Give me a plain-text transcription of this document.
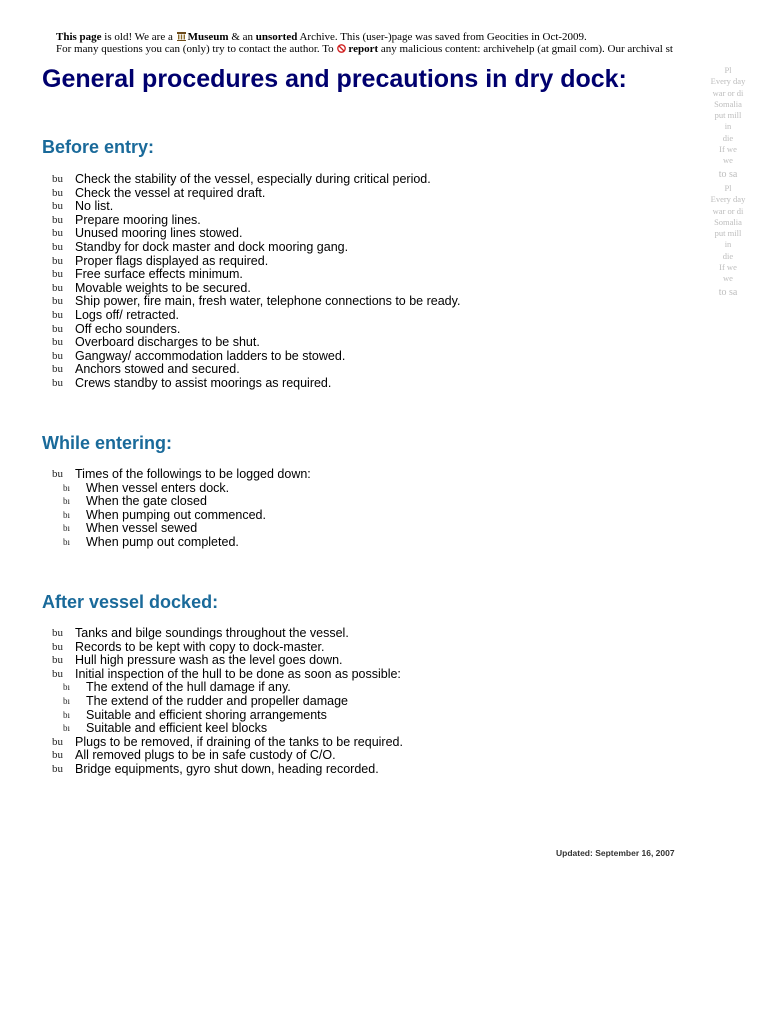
This page is old! We are a Museum & an unsorted Archive. This (user-)page was saved from Geocities in Oct-2009.
For many questions you can (only) try to contact the author. To report any malicious content: archivehelp (at gmail com). Our archival st
General procedures and precautions in dry dock:	Pl
Every day
war or di
Somalia
put mill
in
die
If we
we
to sa
Pl
Every day
war or di
Somalia
put mill
in
die
If we
we
to sa
Before entry:
bu Check the stability of the vessel, especially during critical period.
bu Check the vessel at required draft.
bu No list.
bu Prepare mooring lines.
bu Unused mooring lines stowed.
bu Standby for dock master and dock mooring gang.
bu Proper flags displayed as required.
bu Free surface effects minimum.
bu Movable weights to be secured.
bu Ship power, fire main, fresh water, telephone connections to be ready.
bu Logs off/ retracted.
bu Off echo sounders.
bu Overboard discharges to be shut.
bu Gangway/ accommodation ladders to be stowed.
bu Anchors stowed and secured.
bu Crews standby to assist moorings as required.
While entering:
bu Times of the followings to be logged down:
bı When vessel enters dock.
bı When the gate closed
bı When pumping out commenced.
bı When vessel sewed
bı When pump out completed.
After vessel docked:
bu Tanks and bilge soundings throughout the vessel.
bu Records to be kept with copy to dock-master.
bu Hull high pressure wash as the level goes down.
bu Initial inspection of the hull to be done as soon as possible:
bı The extend of the hull damage if any.
bı The extend of the rudder and propeller damage
bı Suitable and efficient shoring arrangements
bı Suitable and efficient keel blocks
bu Plugs to be removed, if draining of the tanks to be required.
bu All removed plugs to be in safe custody of C/O.
bu Bridge equipments, gyro shut down, heading recorded.
Updated: September 16, 2007
